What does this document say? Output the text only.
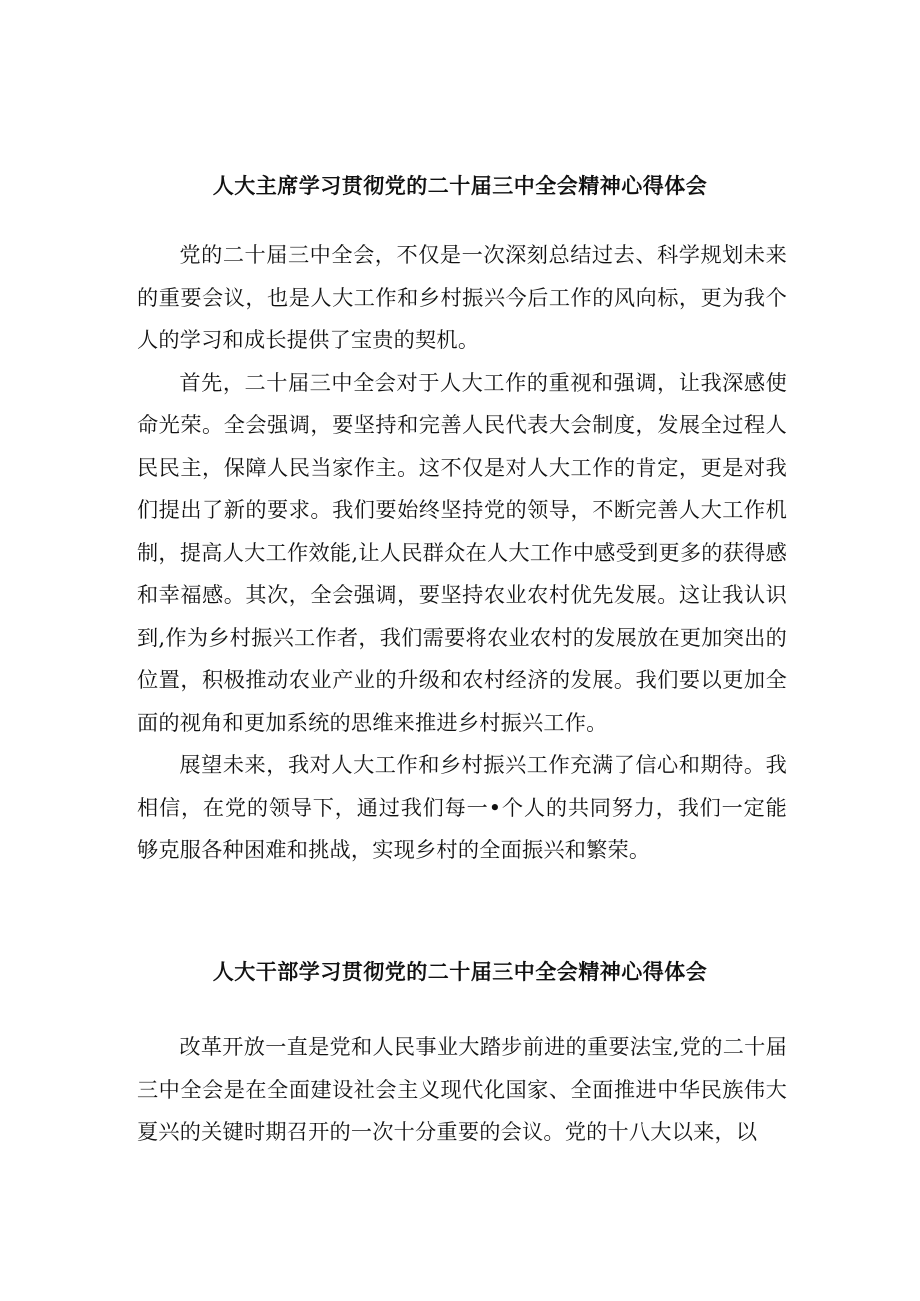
人大主席学习贯彻党的二十届三中全会精神心得体会

党的二十届三中全会，不仅是一次深刻总结过去、科学规划未来的重要会议，也是人大工作和乡村振兴今后工作的风向标，更为我个人的学习和成长提供了宝贵的契机。

首先，二十届三中全会对于人大工作的重视和强调，让我深感使命光荣。全会强调，要坚持和完善人民代表大会制度，发展全过程人民民主，保障人民当家作主。这不仅是对人大工作的肯定，更是对我们提出了新的要求。我们要始终坚持党的领导，不断完善人大工作机制，提高人大工作效能,让人民群众在人大工作中感受到更多的获得感和幸福感。其次，全会强调，要坚持农业农村优先发展。这让我认识到,作为乡村振兴工作者，我们需要将农业农村的发展放在更加突出的位置，积极推动农业产业的升级和农村经济的发展。我们要以更加全面的视角和更加系统的思维来推进乡村振兴工作。

展望未来，我对人大工作和乡村振兴工作充满了信心和期待。我相信，在党的领导下，通过我们每一•个人的共同努力，我们一定能够克服各种困难和挑战，实现乡村的全面振兴和繁荣。

人大干部学习贯彻党的二十届三中全会精神心得体会

改革开放一直是党和人民事业大踏步前进的重要法宝,党的二十届三中全会是在全面建设社会主义现代化国家、全面推进中华民族伟大夏兴的关键时期召开的一次十分重要的会议。党的十八大以来，以
